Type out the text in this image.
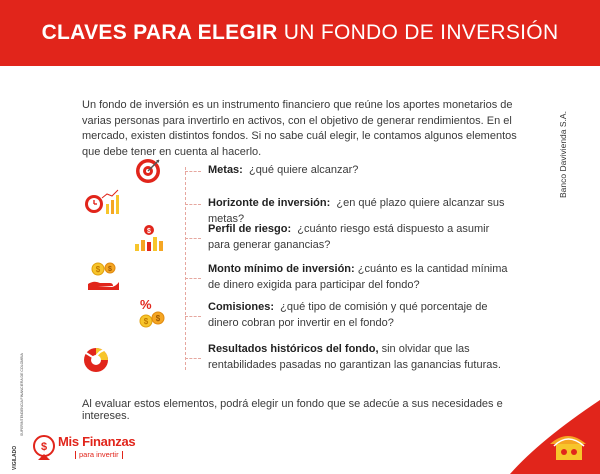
CLAVES PARA ELEGIR UN FONDO DE INVERSIÓN
Banco Davivienda S.A.

Un fondo de inversión es un instrumento financiero que reúne los aportes monetarios de varias personas para invertirlo en activos, con el objetivo de generar rendimientos. En el mercado, existen distintos fondos. Si no sabe cuál elegir, le contamos algunos elementos que debe tener en cuenta al hacerlo.

Metas: ¿qué quiere alcanzar?
Horizonte de inversión: ¿en qué plazo quiere alcanzar sus metas?
$	Perfil de riesgo: ¿cuánto riesgo está dispuesto a asumir para generar ganancias?
$ $	Monto mínimo de inversión: ¿cuánto es la cantidad mínima de dinero exigida para participar del fondo?
%
$ $
Comisiones: ¿qué tipo de comisión y qué porcentaje de dinero cobran por invertir en el fondo?
Resultados históricos del fondo, sin olvidar que las rentabilidades pasadas no garantizan las ganancias futuras.

Al evaluar estos elementos, podrá elegir un fondo que se adecúe a sus necesidades e intereses.

VIGILADO
SUPERINTENDENCIA FINANCIERA DE COLOMBIA
$ Mis Finanzas
para invertir
